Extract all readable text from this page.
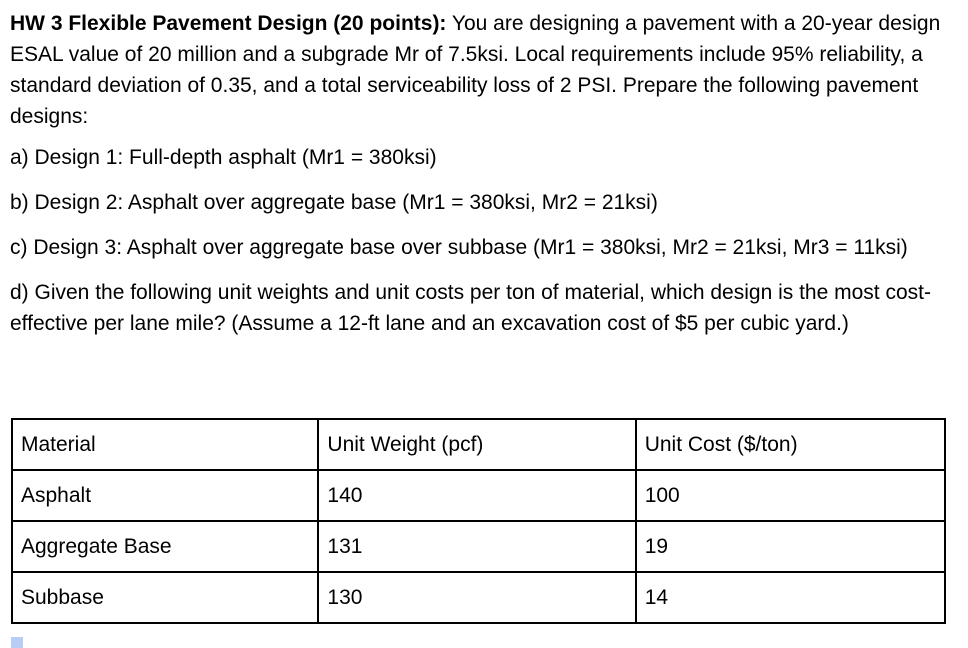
HW 3 Flexible Pavement Design (20 points): You are designing a pavement with a 20-year design ESAL value of 20 million and a subgrade Mr of 7.5ksi. Local requirements include 95% reliability, a standard deviation of 0.35, and a total serviceability loss of 2 PSI. Prepare the following pavement designs:

a) Design 1: Full-depth asphalt (Mr1 = 380ksi)

b) Design 2: Asphalt over aggregate base (Mr1 = 380ksi, Mr2 = 21ksi)

c) Design 3: Asphalt over aggregate base over subbase (Mr1 = 380ksi, Mr2 = 21ksi, Mr3 = 11ksi)

d) Given the following unit weights and unit costs per ton of material, which design is the most cost-effective per lane mile? (Assume a 12-ft lane and an excavation cost of $5 per cubic yard.)

Material	Unit Weight (pcf)	Unit Cost ($/ton)
Asphalt	140	100
Aggregate Base	131	19
Subbase	130	14
